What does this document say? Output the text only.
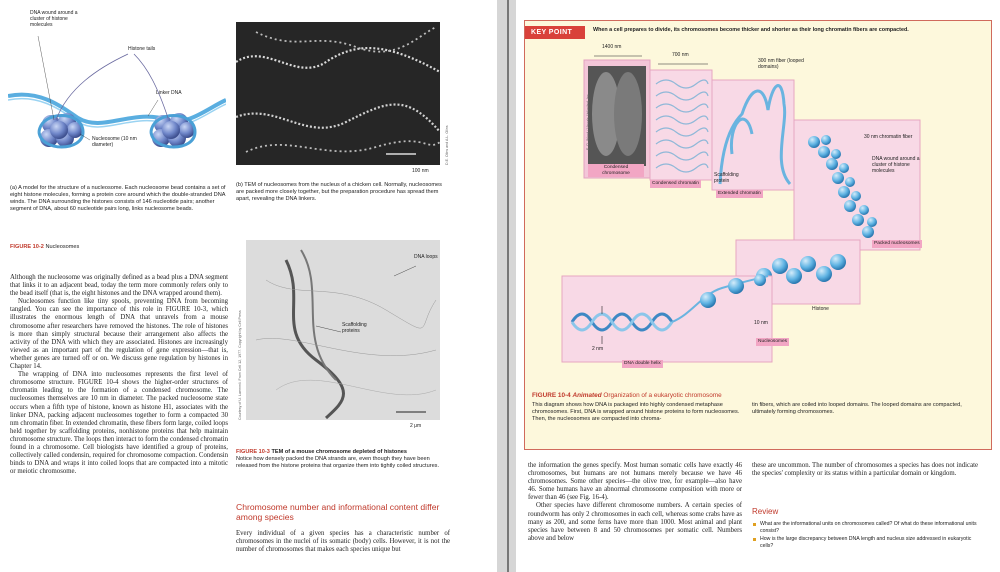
DNA wound around a cluster of histone molecules
Histone tails
Linker DNA
Nucleosome (10 nm diameter)
(a) A model for the structure of a nucleosome. Each nucleosome bead contains a set of eight histone molecules, forming a protein core around which the double-stranded DNA winds. The DNA surrounding the histones consists of 146 nucleotide pairs; another segment of DNA, about 60 nucleotide pairs long, links nucleosome beads.
D.E. Olins and A.L. Olins
100 nm
(b) TEM of nucleosomes from the nucleus of a chicken cell. Normally, nucleosomes are packed more closely together, but the preparation procedure has spread them apart, revealing the DNA linkers.
FIGURE 10-2 Nucleosomes

Although the nucleosome was originally defined as a bead plus a DNA segment that links it to an adjacent bead, today the term more commonly refers only to the bead itself (that is, the eight histones and the DNA wrapped around them).

Nucleosomes function like tiny spools, preventing DNA from becoming tangled. You can see the importance of this role in FIGURE 10-3, which illustrates the enormous length of DNA that unravels from a mouse chromosome after researchers have removed the histones. The role of histones is more than simply structural because their arrangement also affects the activity of the DNA with which they are associated. Histones are increasingly viewed as an important part of the regulation of gene expression—that is, whether genes are turned off or on. We discuss gene regulation by histones in Chapter 14.

The wrapping of DNA into nucleosomes represents the first level of chromosome structure. FIGURE 10-4 shows the higher-order structures of chromatin leading to the formation of a condensed chromosome. The nucleosomes themselves are 10 nm in diameter. The packed nucleosome state occurs when a fifth type of histone, known as histone H1, associates with the linker DNA, packing adjacent nucleosomes together to form a compacted 30 nm chromatin fiber. In extended chromatin, these fibers form large, coiled loops held together by scaffolding proteins, nonhistone proteins that help maintain chromosome structure. The loops then interact to form the condensed chromatin found in a chromosome. Cell biologists have identified a group of proteins, collectively called condensin, required for chromosome compaction. Condensin binds to DNA and wraps it into coiled loops that are compacted into a mitotic or meiotic chromosome.

DNA loops
Scaffolding proteins
Courtesy of U. Laemmli. From Cell 12, 1977. Copyright by Cell Press
2 μm
FIGURE 10-3 TEM of a mouse chromosome depleted of histones
Notice how densely packed the DNA strands are, even though they have been released from the histone proteins that organize them into tightly coiled structures.
Chromosome number and informational content differ among species
Every individual of a given species has a characteristic number of chromosomes in the nuclei of its somatic (body) cells. However, it is not the number of chromosomes that makes each species unique but
KEY POINT	When a cell prepares to divide, its chromosomes become thicker and shorter as their long chromatin fibers are compacted.
1400 nm
700 nm
300 nm fiber (looped domains)
30 nm chromatin fiber
DNA wound around a cluster of histone molecules
Packed nucleosomes
Condensed chromosome
Condensed chromatin
Scaffolding protein
Extended chromatin
Histone
10 nm
2 nm
Nucleosomes
DNA double helix
E. D. Wood / Visuals Unlimited, Inc.
FIGURE 10-4 Animated Organization of a eukaryotic chromosome
This diagram shows how DNA is packaged into highly condensed metaphase chromosomes. First, DNA is wrapped around histone proteins to form nucleosomes. Then, the nucleosomes are compacted into chroma-
tin fibers, which are coiled into looped domains. The looped domains are compacted, ultimately forming chromosomes.

the information the genes specify. Most human somatic cells have exactly 46 chromosomes, but humans are not humans merely because we have 46 chromosomes. Some other species—the olive tree, for example—also have 46. Some humans have an abnormal chromosome composition with more or fewer than 46 (see Fig. 16-4).

Other species have different chromosome numbers. A certain species of roundworm has only 2 chromosomes in each cell, whereas some crabs have as many as 200, and some ferns have more than 1000. Most animal and plant species have between 8 and 50 chromosomes per somatic cell. Numbers above and below

these are uncommon. The number of chromosomes a species has does not indicate the species' complexity or its status within a particular domain or kingdom.
Review
What are the informational units on chromosomes called? Of what do these informational units consist?
How is the large discrepancy between DNA length and nucleus size addressed in eukaryotic cells?
